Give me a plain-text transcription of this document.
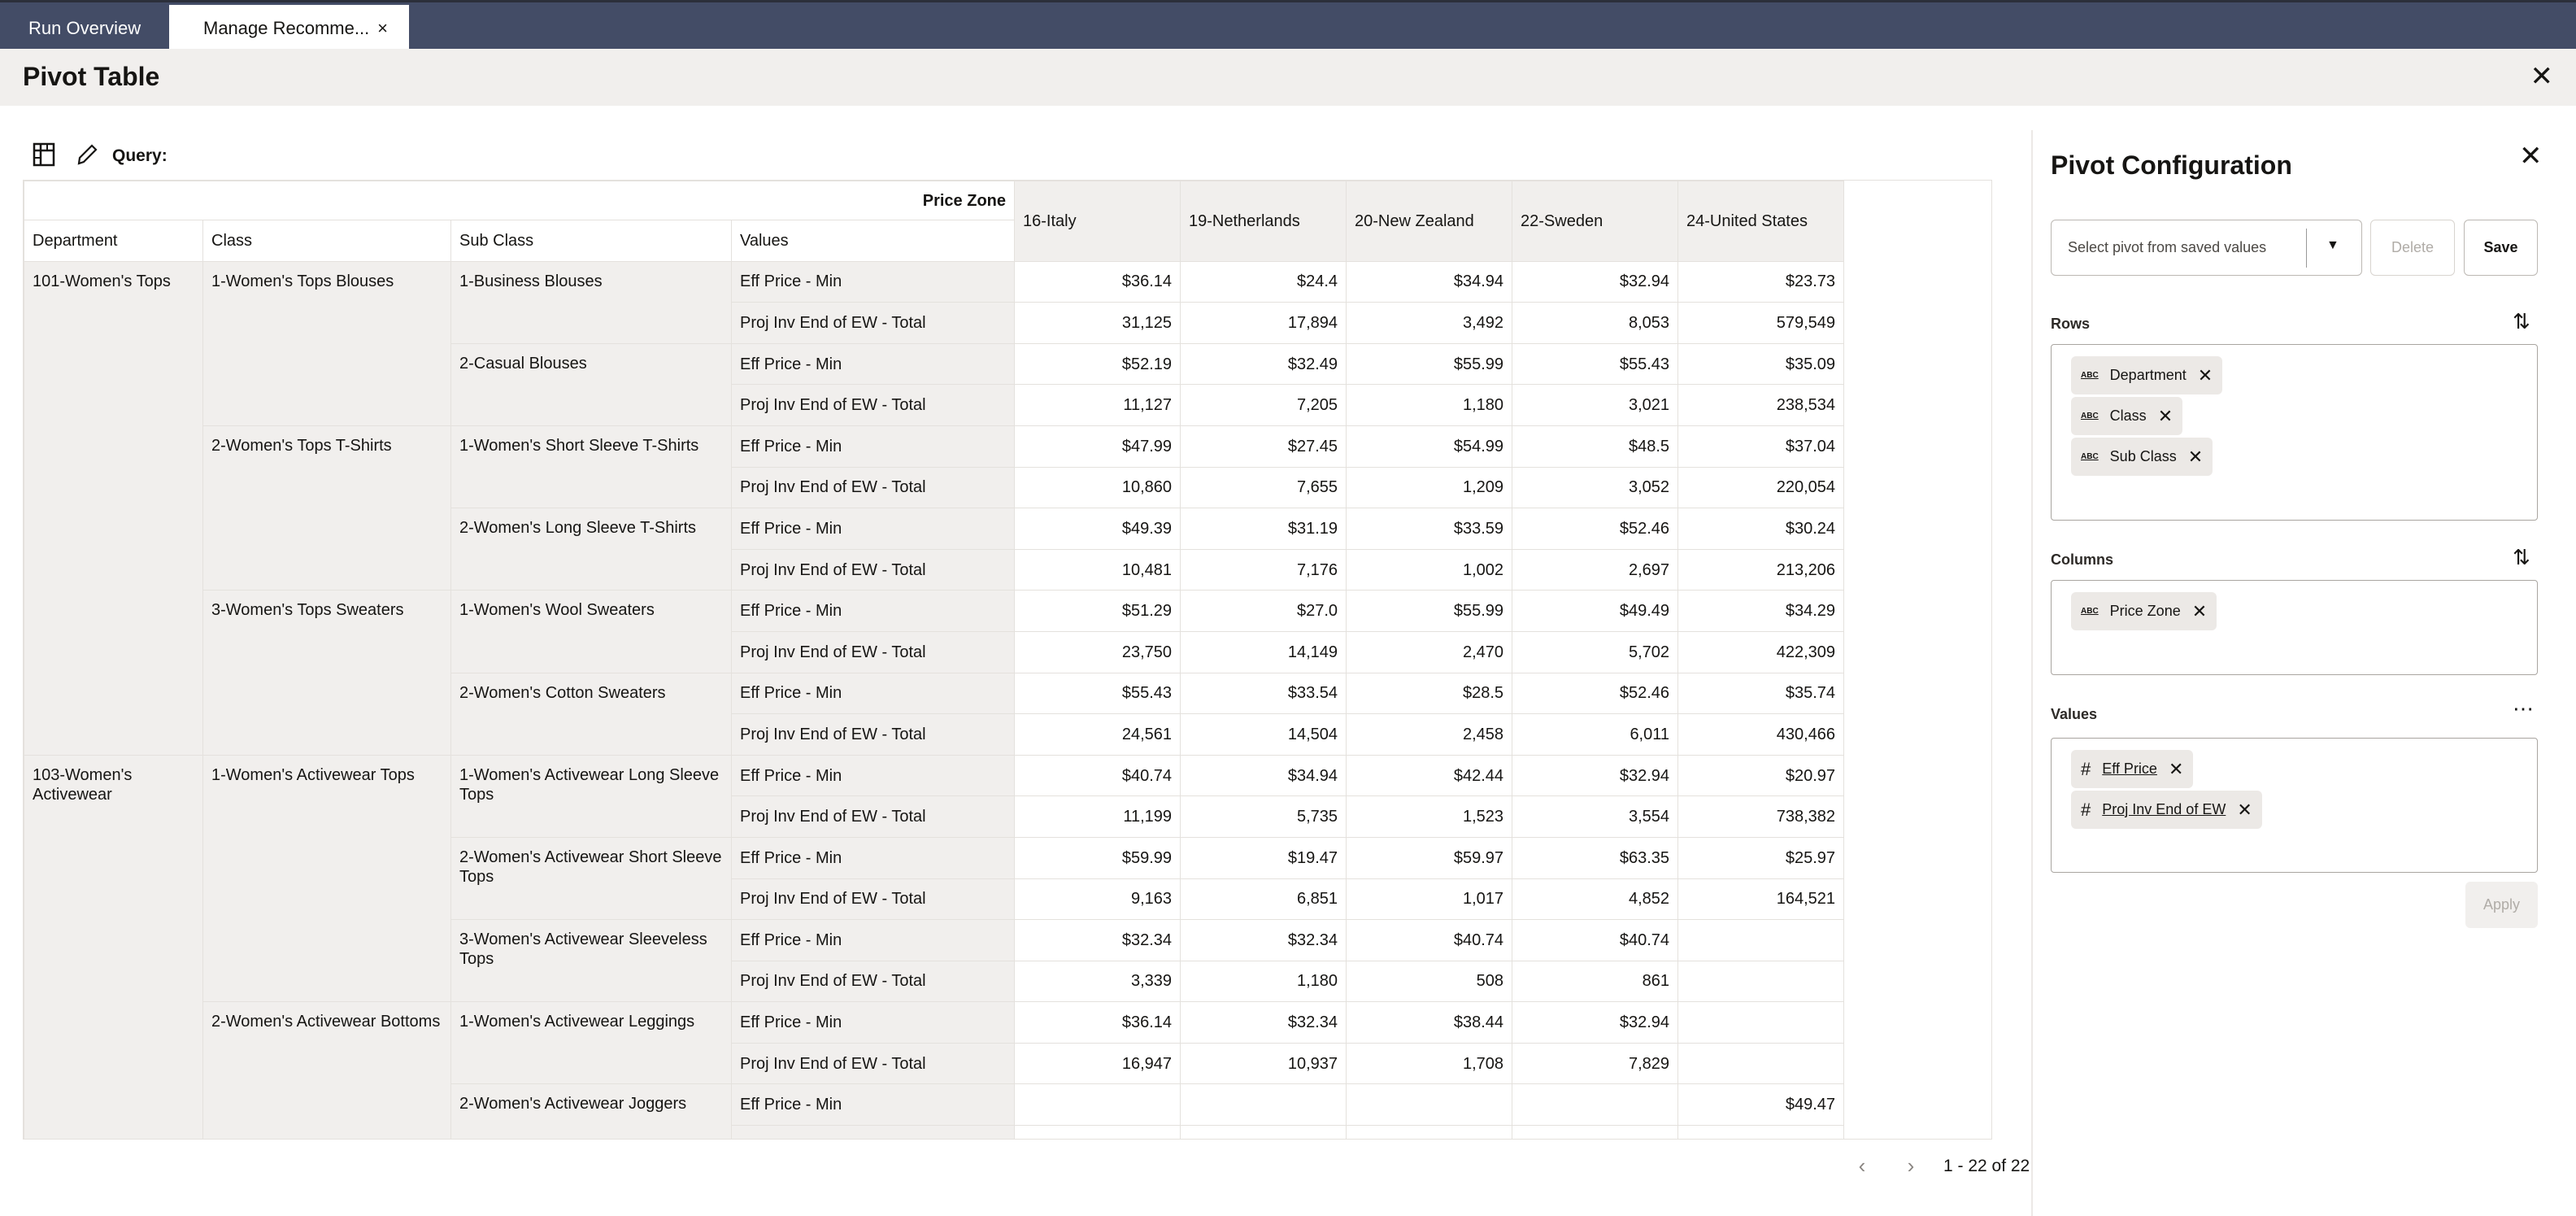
Run Overview	Manage Recomme... ×
Pivot Table	✕
Query:
Price Zone				16-Italy	19-Netherlands	20-New Zealand	22-Sweden	24-United States	
Department	Class	Sub Class	Values						
101-Women's Tops	1-Women's Tops Blouses	1-Business Blouses	Eff Price - Min	$36.14	$24.4	$34.94	$32.94	$23.73	
			Proj Inv End of EW - Total	31,125	17,894	3,492	8,053	579,549	
		2-Casual Blouses	Eff Price - Min	$52.19	$32.49	$55.99	$55.43	$35.09	
			Proj Inv End of EW - Total	11,127	7,205	1,180	3,021	238,534	
	2-Women's Tops T-Shirts	1-Women's Short Sleeve T-Shirts	Eff Price - Min	$47.99	$27.45	$54.99	$48.5	$37.04	
			Proj Inv End of EW - Total	10,860	7,655	1,209	3,052	220,054	
		2-Women's Long Sleeve T-Shirts	Eff Price - Min	$49.39	$31.19	$33.59	$52.46	$30.24	
			Proj Inv End of EW - Total	10,481	7,176	1,002	2,697	213,206	
	3-Women's Tops Sweaters	1-Women's Wool Sweaters	Eff Price - Min	$51.29	$27.0	$55.99	$49.49	$34.29	
			Proj Inv End of EW - Total	23,750	14,149	2,470	5,702	422,309	
		2-Women's Cotton Sweaters	Eff Price - Min	$55.43	$33.54	$28.5	$52.46	$35.74	
			Proj Inv End of EW - Total	24,561	14,504	2,458	6,011	430,466	
103-Women's Activewear	1-Women's Activewear Tops	1-Women's Activewear Long Sleeve Tops	Eff Price - Min	$40.74	$34.94	$42.44	$32.94	$20.97	
			Proj Inv End of EW - Total	11,199	5,735	1,523	3,554	738,382	
		2-Women's Activewear Short Sleeve Tops	Eff Price - Min	$59.99	$19.47	$59.97	$63.35	$25.97	
			Proj Inv End of EW - Total	9,163	6,851	1,017	4,852	164,521	
		3-Women's Activewear Sleeveless Tops	Eff Price - Min	$32.34	$32.34	$40.74	$40.74		
			Proj Inv End of EW - Total	3,339	1,180	508	861		
	2-Women's Activewear Bottoms	1-Women's Activewear Leggings	Eff Price - Min	$36.14	$32.34	$38.44	$32.94		
			Proj Inv End of EW - Total	16,947	10,937	1,708	7,829		
		2-Women's Activewear Joggers	Eff Price - Min					$49.47	

‹	›	1 - 22 of 22
Pivot Configuration	✕
Select pivot from saved values	▼	Delete	Save
Rows	⇅
ABC Department ✕
ABC Class ✕
ABC Sub Class ✕
Columns	⇅
ABC Price Zone ✕
Values	⋯
# Eff Price ✕
# Proj Inv End of EW ✕
Apply
